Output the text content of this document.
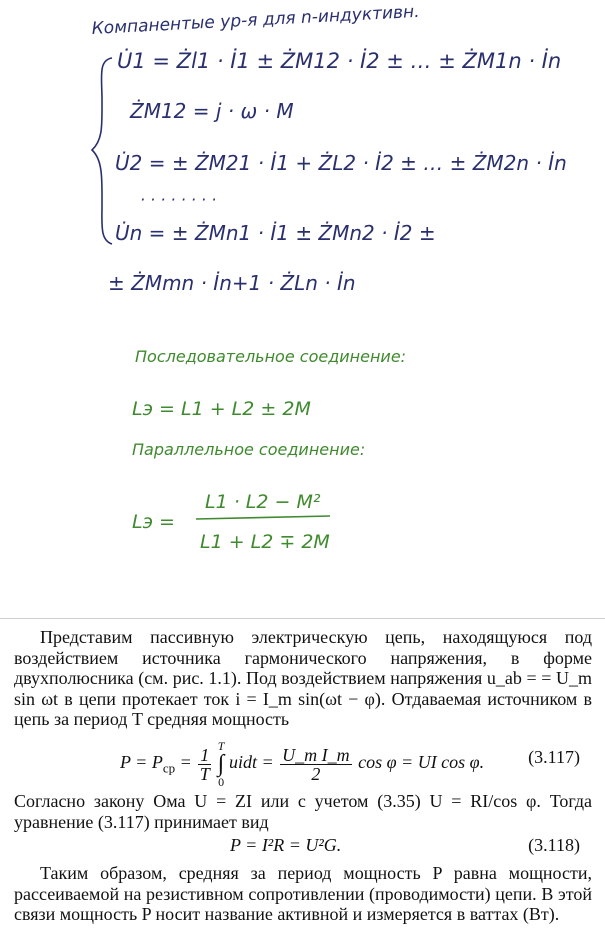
Компанентые ур-я для n-индуктивн.
U̇1 = Żl1 · İ1 ± ŻM12 · İ2 ± … ± ŻM1n · İn
ŻM12 = j · ω · M
U̇2 = ± ŻM21 · İ1 + ŻL2 · İ2 ± … ± ŻM2n · İn
· · · · · · · ·
U̇n = ± ŻMn1 · İ1 ± ŻMn2 · İ2 ±
± ŻMmn · İn+1 · ŻLn · İn
Последовательное соединение:
Lэ = L1 + L2 ± 2M
Параллельное соединение:
Lэ =
L1 · L2 − M²
L1 + L2 ∓ 2M

Представим пассивную электрическую цепь, находящуюся под воздействием источника гармонического напряжения, в форме двухполюсника (см. рис. 1.1). Под воздействием напряжения u_ab = = U_m sin ωt в цепи протекает ток i = I_m sin(ωt − φ). Отдаваемая источником в цепь за период T средняя мощность

$P = P_{ср} = \frac{1}{T}$
T
∫
0
uidt = $\frac{\text{U\_m I\_m}}{2}$ cos φ = UI cos φ. (3.117)

Согласно закону Ома U = ZI или с учетом (3.35) U = RI/cos φ. Тогда уравнение (3.117) принимает вид

P = I²R = U²G.	(3.118)

Таким образом, средняя за период мощность P равна мощности, рассеиваемой на резистивном сопротивлении (проводимости) цепи. В этой связи мощность P носит название активной и измеряется в ваттах (Вт).
